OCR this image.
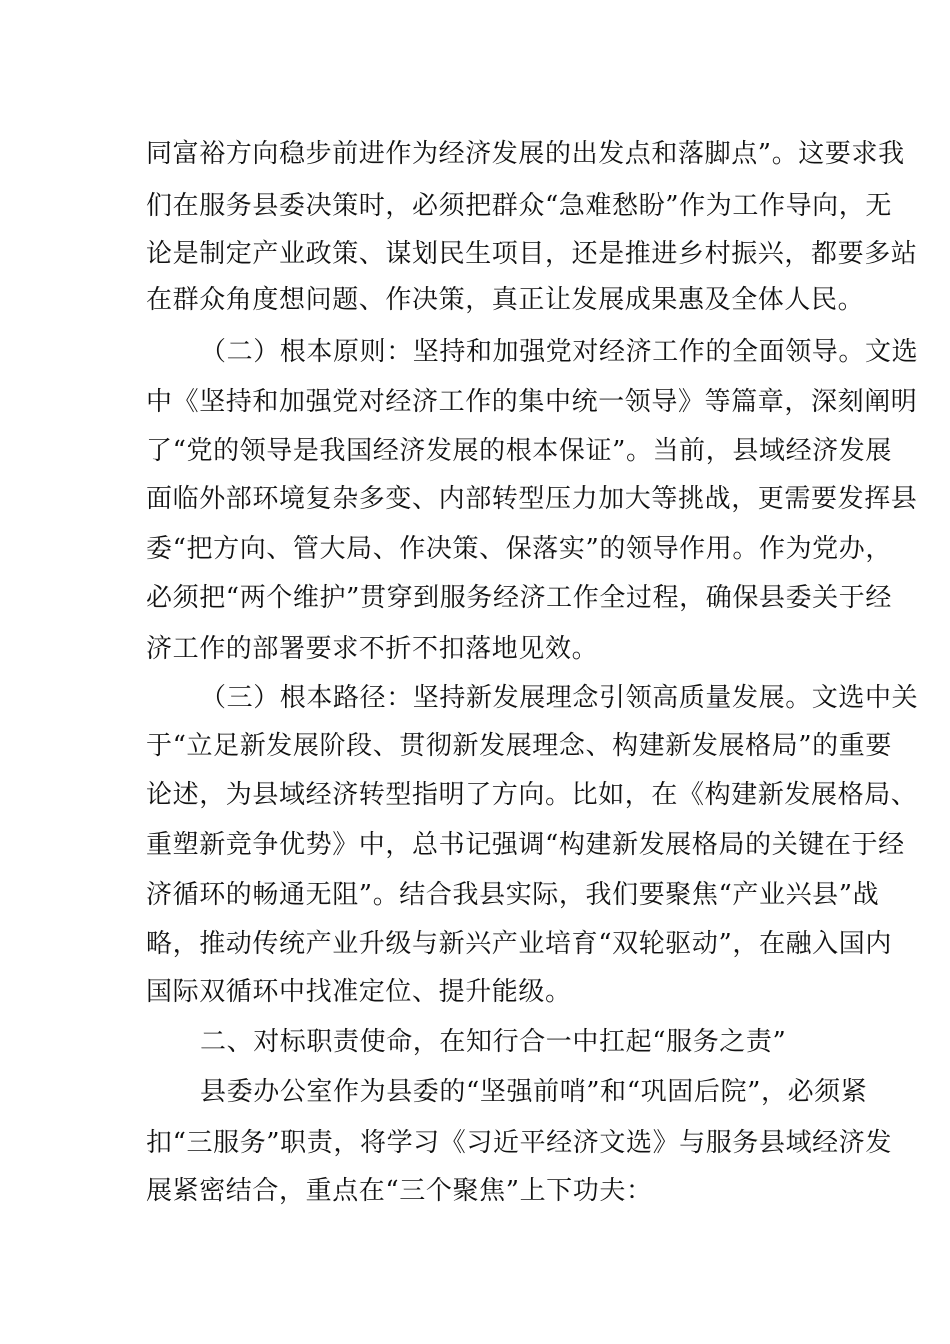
同富裕方向稳步前进作为经济发展的出发点和落脚点”。这要求我
们在服务县委决策时，必须把群众“急难愁盼”作为工作导向，无
论是制定产业政策、谋划民生项目，还是推进乡村振兴，都要多站
在群众角度想问题、作决策，真正让发展成果惠及全体人民。
（二）根本原则：坚持和加强党对经济工作的全面领导。文选
中《坚持和加强党对经济工作的集中统一领导》等篇章，深刻阐明
了“党的领导是我国经济发展的根本保证”。当前，县域经济发展
面临外部环境复杂多变、内部转型压力加大等挑战，更需要发挥县
委“把方向、管大局、作决策、保落实”的领导作用。作为党办，
必须把“两个维护”贯穿到服务经济工作全过程，确保县委关于经
济工作的部署要求不折不扣落地见效。
（三）根本路径：坚持新发展理念引领高质量发展。文选中关
于“立足新发展阶段、贯彻新发展理念、构建新发展格局”的重要
论述，为县域经济转型指明了方向。比如，在《构建新发展格局、
重塑新竞争优势》中，总书记强调“构建新发展格局的关键在于经
济循环的畅通无阻”。结合我县实际，我们要聚焦“产业兴县”战
略，推动传统产业升级与新兴产业培育“双轮驱动”，在融入国内
国际双循环中找准定位、提升能级。
二、对标职责使命，在知行合一中扛起“服务之责”
县委办公室作为县委的“坚强前哨”和“巩固后院”，必须紧
扣“三服务”职责，将学习《习近平经济文选》与服务县域经济发
展紧密结合，重点在“三个聚焦”上下功夫：
